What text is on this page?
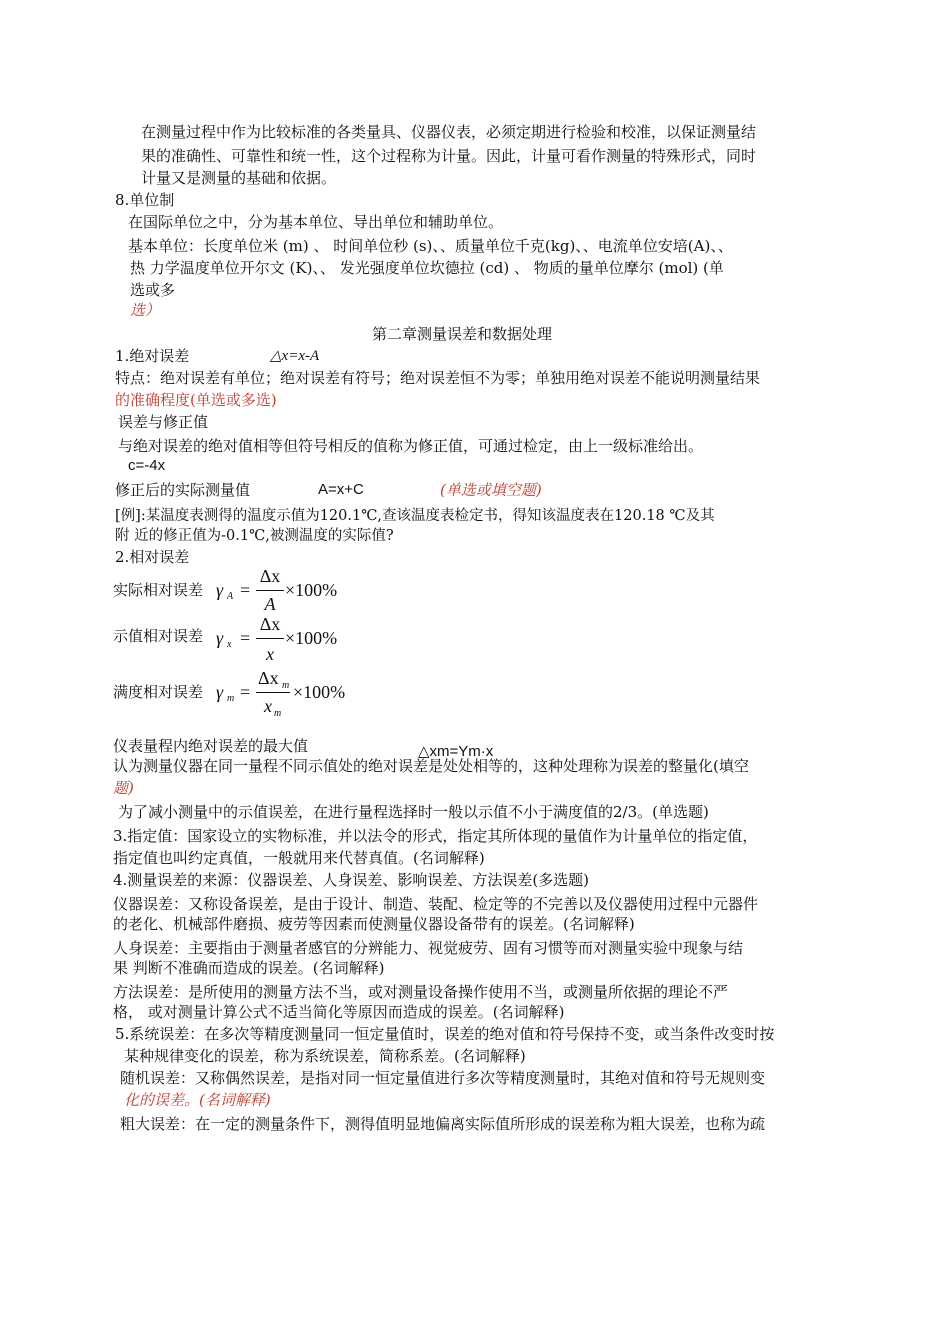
在测量过程中作为比较标准的各类量具、仪器仪表，必须定期进行检验和校准，以保证测量结
果的准确性、可靠性和统一性，这个过程称为计量。因此，计量可看作测量的特殊形式，同时
计量又是测量的基础和依据。
8.单位制
在国际单位之中，分为基本单位、导出单位和辅助单位。
基本单位：长度单位米 (m) 、 时间单位秒 (s)、、质量单位千克(kg)、、电流单位安培(A)、、
热 力学温度单位开尔文 (K)、、 发光强度单位坎德拉 (cd) 、 物质的量单位摩尔 (mol) (单
选或多
选）
第二章测量误差和数据处理
1.绝对误差	△x=x-A
特点：绝对误差有单位；绝对误差有符号；绝对误差恒不为零；单独用绝对误差不能说明测量结果
的准确程度(单选或多选)
误差与修正值
与绝对误差的绝对值相等但符号相反的值称为修正值，可通过检定，由上一级标准给出。
c=-4x
修正后的实际测量值	A=x+C	(单选或填空题)
[例]:某温度表测得的温度示值为120.1℃,查该温度表检定书，得知该温度表在120.18 ℃及其
附 近的修正值为-0.1℃,被测温度的实际值?
2.相对误差
实际相对误差 γ A =
Δx
A
×100%
示值相对误差 γ x =
Δx
x
×100%
满度相对误差 γ m =
Δx m
x m
×100%
仪表量程内绝对误差的最大值	△xm=Ym·x
认为测量仪器在同一量程不同示值处的绝对误差是处处相等的，这种处理称为误差的整量化(填空
题)
为了减小测量中的示值误差，在进行量程选择时一般以示值不小于满度值的2/3。(单选题)
3.指定值：国家设立的实物标准，并以法令的形式，指定其所体现的量值作为计量单位的指定值，
指定值也叫约定真值，一般就用来代替真值。(名词解释)
4.测量误差的来源：仪器误差、人身误差、影响误差、方法误差(多选题)
仪器误差：又称设备误差，是由于设计、制造、装配、检定等的不完善以及仪器使用过程中元器件
的老化、机械部件磨损、疲劳等因素而使测量仪器设备带有的误差。(名词解释)
人身误差：主要指由于测量者感官的分辨能力、视觉疲劳、固有习惯等而对测量实验中现象与结
果 判断不准确而造成的误差。(名词解释)
方法误差：是所使用的测量方法不当，或对测量设备操作使用不当，或测量所依据的理论不严
格， 或对测量计算公式不适当简化等原因而造成的误差。(名词解释)
5.系统误差：在多次等精度测量同一恒定量值时，误差的绝对值和符号保持不变，或当条件改变时按
某种规律变化的误差，称为系统误差，简称系差。(名词解释)
随机误差：又称偶然误差，是指对同一恒定量值进行多次等精度测量时，其绝对值和符号无规则变
化的误差。(名词解释)
粗大误差：在一定的测量条件下，测得值明显地偏离实际值所形成的误差称为粗大误差，也称为疏
